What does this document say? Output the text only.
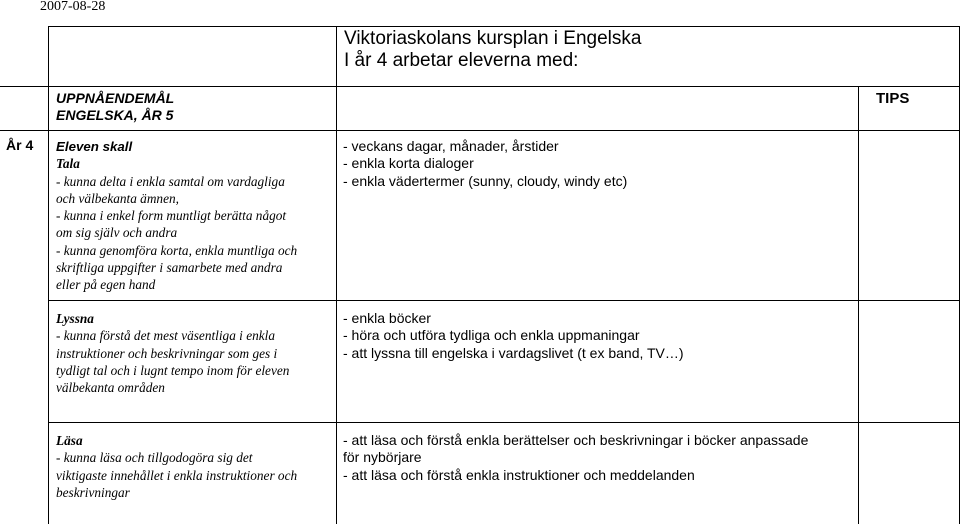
2007-08-28
Viktoriaskolans kursplan i Engelska
I år 4 arbetar eleverna med:
UPPNÅENDEMÅL
ENGELSKA, ÅR 5
TIPS
År 4 Eleven skall
Tala
- kunna delta i enkla samtal om vardagliga
och välbekanta ämnen,
- kunna i enkel form muntligt berätta något
om sig själv och andra
- kunna genomföra korta, enkla muntliga och
skriftliga uppgifter i samarbete med andra
eller på egen hand
- veckans dagar, månader, årstider
- enkla korta dialoger
- enkla vädertermer (sunny, cloudy, windy etc)
Lyssna
- kunna förstå det mest väsentliga i enkla
instruktioner och beskrivningar som ges i
tydligt tal och i lugnt tempo inom för eleven
välbekanta områden
- enkla böcker
- höra och utföra tydliga och enkla uppmaningar
- att lyssna till engelska i vardagslivet (t ex band, TV…)
Läsa
- kunna läsa och tillgodogöra sig det
viktigaste innehållet i enkla instruktioner och
beskrivningar
- att läsa och förstå enkla berättelser och beskrivningar i böcker anpassade
för nybörjare
- att läsa och förstå enkla instruktioner och meddelanden
